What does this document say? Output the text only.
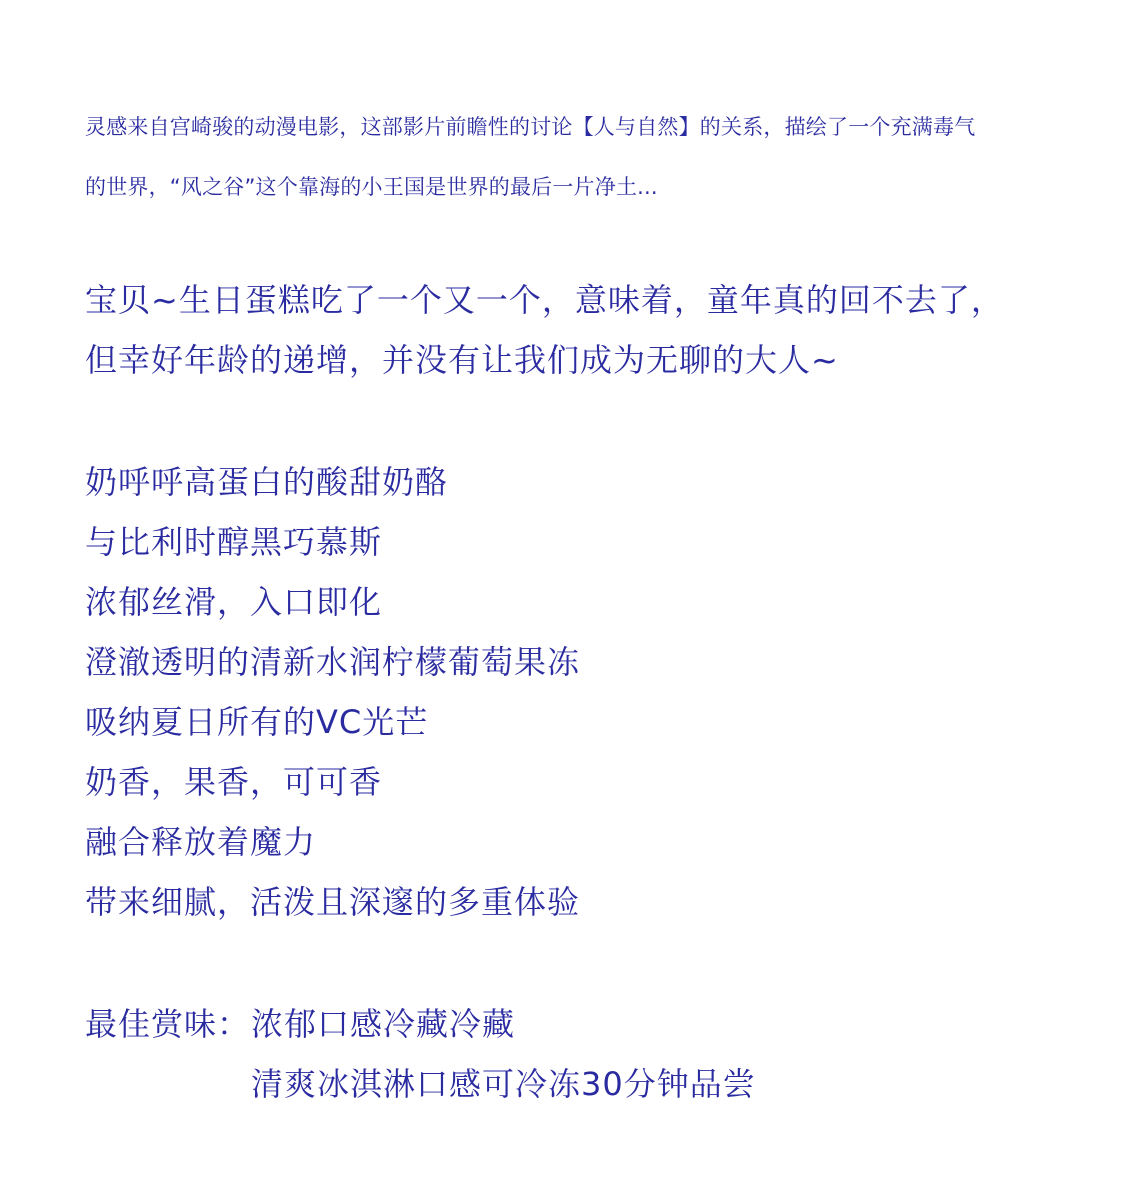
灵感来自宫崎骏的动漫电影，这部影片前瞻性的讨论【人与自然】的关系，描绘了一个充满毒气

的世界，“风之谷”这个靠海的小王国是世界的最后一片净土...

宝贝~生日蛋糕吃了一个又一个，意味着，童年真的回不去了，

但幸好年龄的递增，并没有让我们成为无聊的大人~

奶呼呼高蛋白的酸甜奶酪

与比利时醇黑巧慕斯

浓郁丝滑，入口即化

澄澈透明的清新水润柠檬葡萄果冻

吸纳夏日所有的VC光芒

奶香，果香，可可香

融合释放着魔力

带来细腻，活泼且深邃的多重体验

最佳赏味： 浓郁口感冷藏冷藏
清爽冰淇淋口感可冷冻30分钟品尝
